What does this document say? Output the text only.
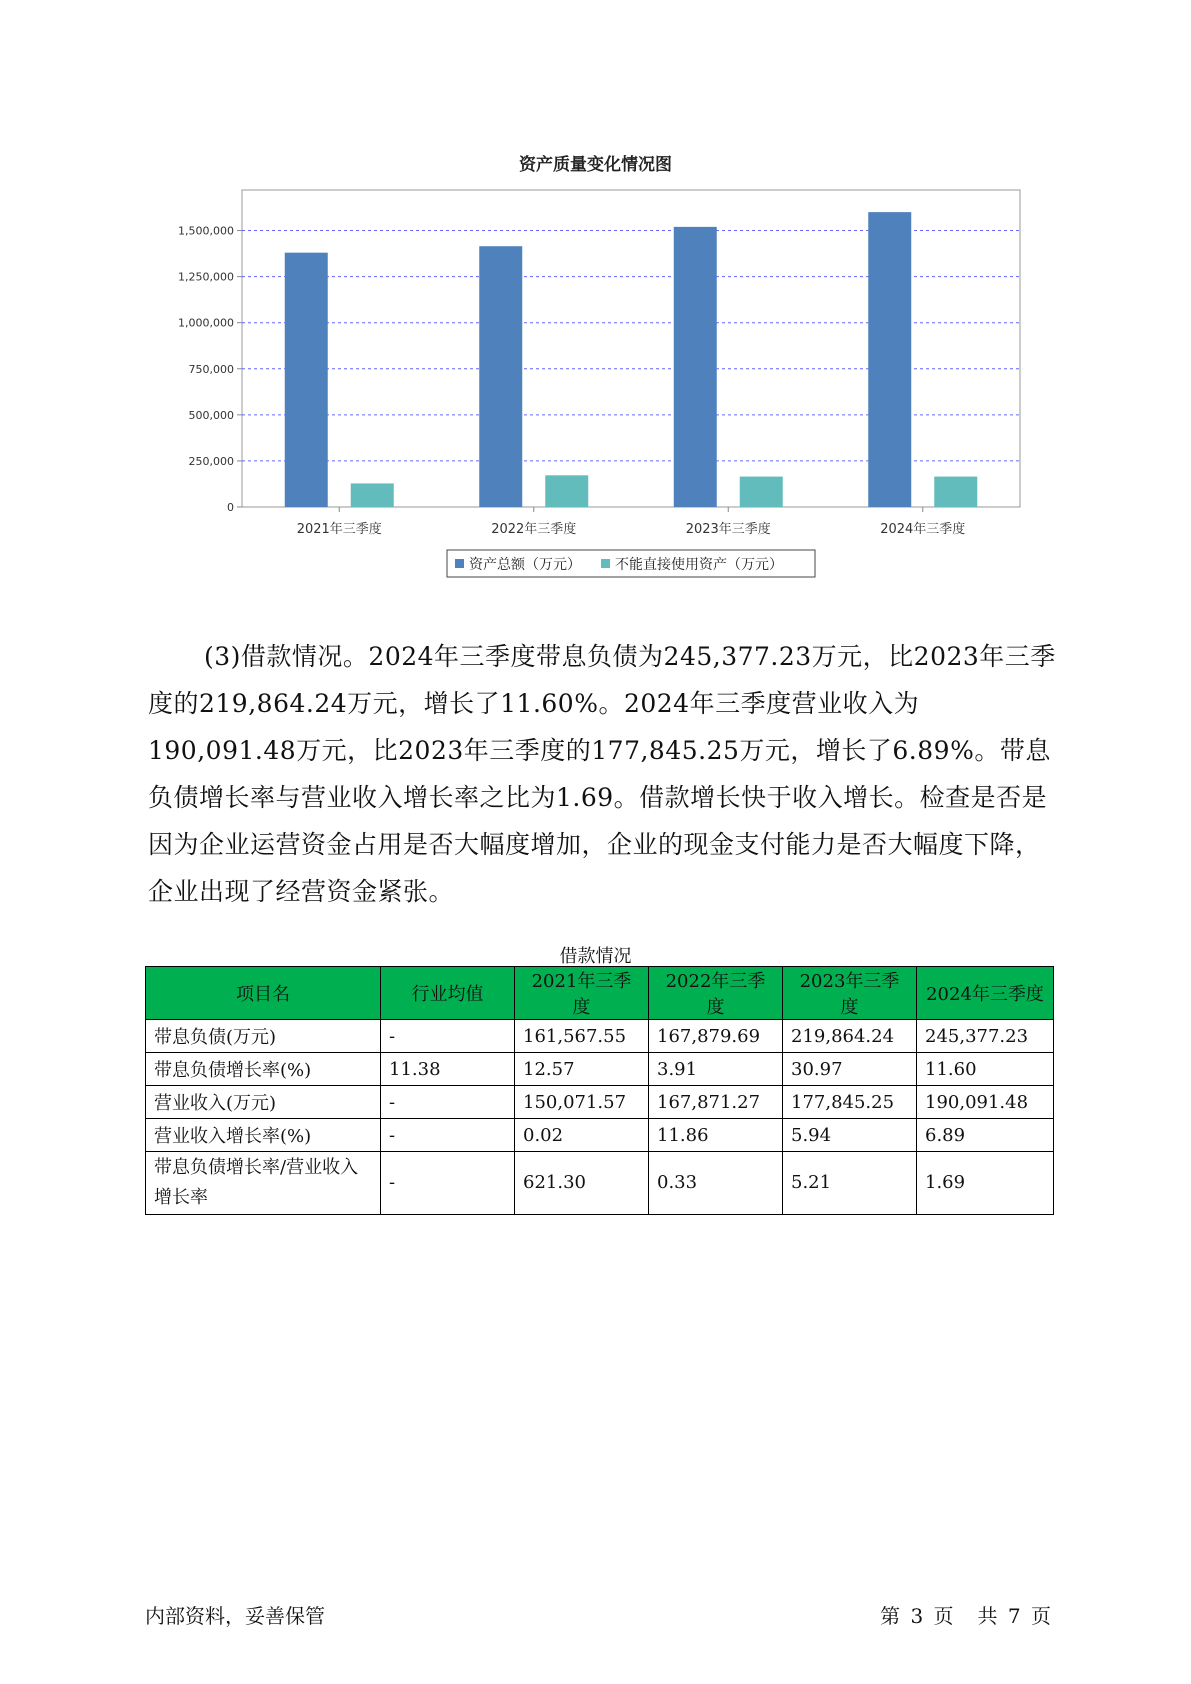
资产质量变化情况图
0
250,000
500,000
750,000
1,000,000
1,250,000
1,500,000
2021年三季度	2022年三季度	2023年三季度	2024年三季度
资产总额（万元） 不能直接使用资产（万元）

(3)借款情况。2024年三季度带息负债为245,377.23万元，比2023年三季度的219,864.24万元，增长了11.60%。2024年三季度营业收入为190,091.48万元，比2023年三季度的177,845.25万元，增长了6.89%。带息负债增长率与营业收入增长率之比为1.69。借款增长快于收入增长。检查是否是因为企业运营资金占用是否大幅度增加，企业的现金支付能力是否大幅度下降，企业出现了经营资金紧张。

借款情况
项目名	行业均值	2021年三季度	2022年三季度	2023年三季度	2024年三季度
带息负债(万元)	-	161,567.55	167,879.69	219,864.24	245,377.23
带息负债增长率(%)	11.38	12.57	3.91	30.97	11.60
营业收入(万元)	-	150,071.57	167,871.27	177,845.25	190,091.48
营业收入增长率(%)	-	0.02	11.86	5.94	6.89
带息负债增长率/营业收入增长率	-	621.30	0.33	5.21	1.69
内部资料，妥善保管	第 3 页　共 7 页
